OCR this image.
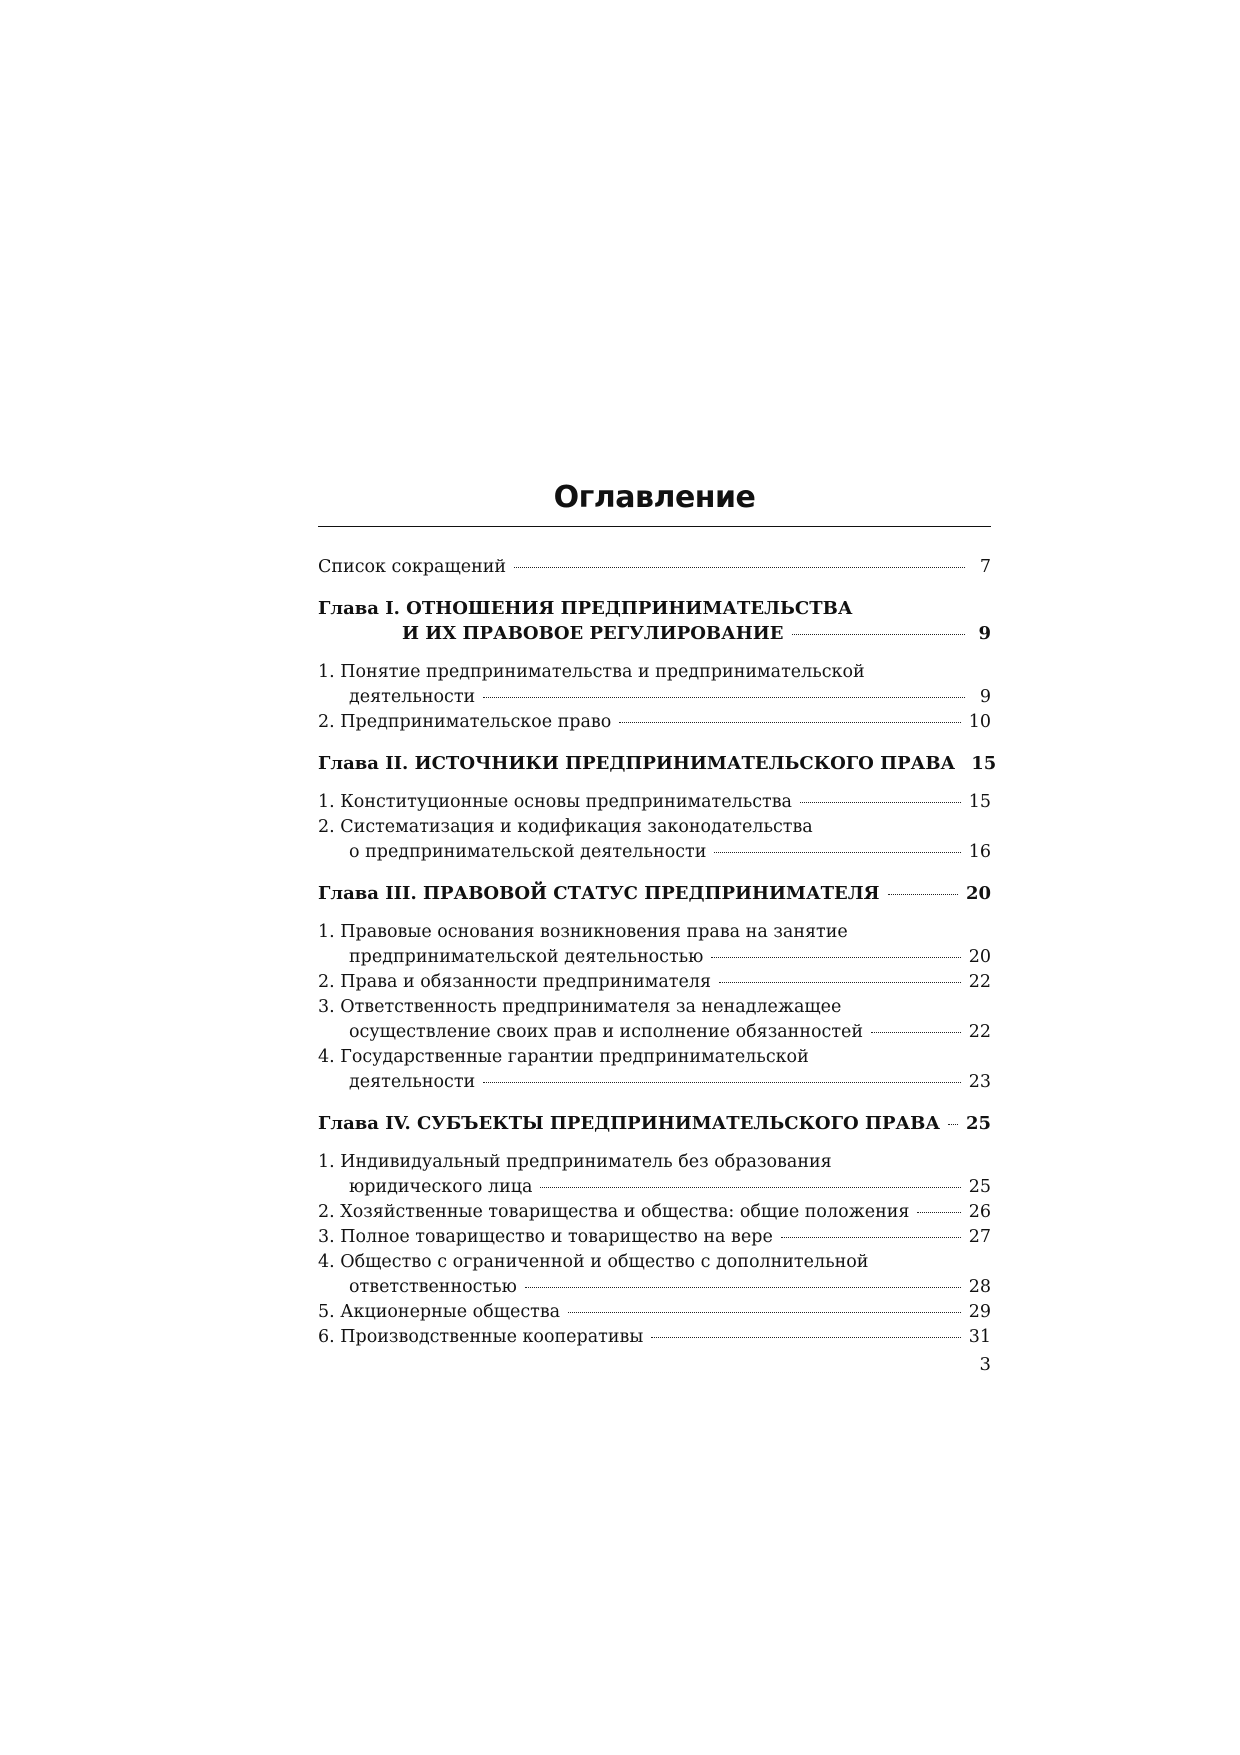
Оглавление
Список сокращений	7
Глава I. ОТНОШЕНИЯ ПРЕДПРИНИМАТЕЛЬСТВА
И ИХ ПРАВОВОЕ РЕГУЛИРОВАНИЕ	9
1. Понятие предпринимательства и предпринимательской
деятельности	9
2. Предпринимательское право	10
Глава II. ИСТОЧНИКИ ПРЕДПРИНИМАТЕЛЬСКОГО ПРАВА 15
1. Конституционные основы предпринимательства	15
2. Систематизация и кодификация законодательства
о предпринимательской деятельности	16
Глава III. ПРАВОВОЙ СТАТУС ПРЕДПРИНИМАТЕЛЯ	20
1. Правовые основания возникновения права на занятие
предпринимательской деятельностью	20
2. Права и обязанности предпринимателя	22
3. Ответственность предпринимателя за ненадлежащее
осуществление своих прав и исполнение обязанностей	22
4. Государственные гарантии предпринимательской
деятельности	23
Глава IV. СУБЪЕКТЫ ПРЕДПРИНИМАТЕЛЬСКОГО ПРАВА 25
1. Индивидуальный предприниматель без образования
юридического лица	25
2. Хозяйственные товарищества и общества: общие положения	26
3. Полное товарищество и товарищество на вере	27
4. Общество с ограниченной и общество с дополнительной
ответственностью	28
5. Акционерные общества	29
6. Производственные кооперативы	31
3
